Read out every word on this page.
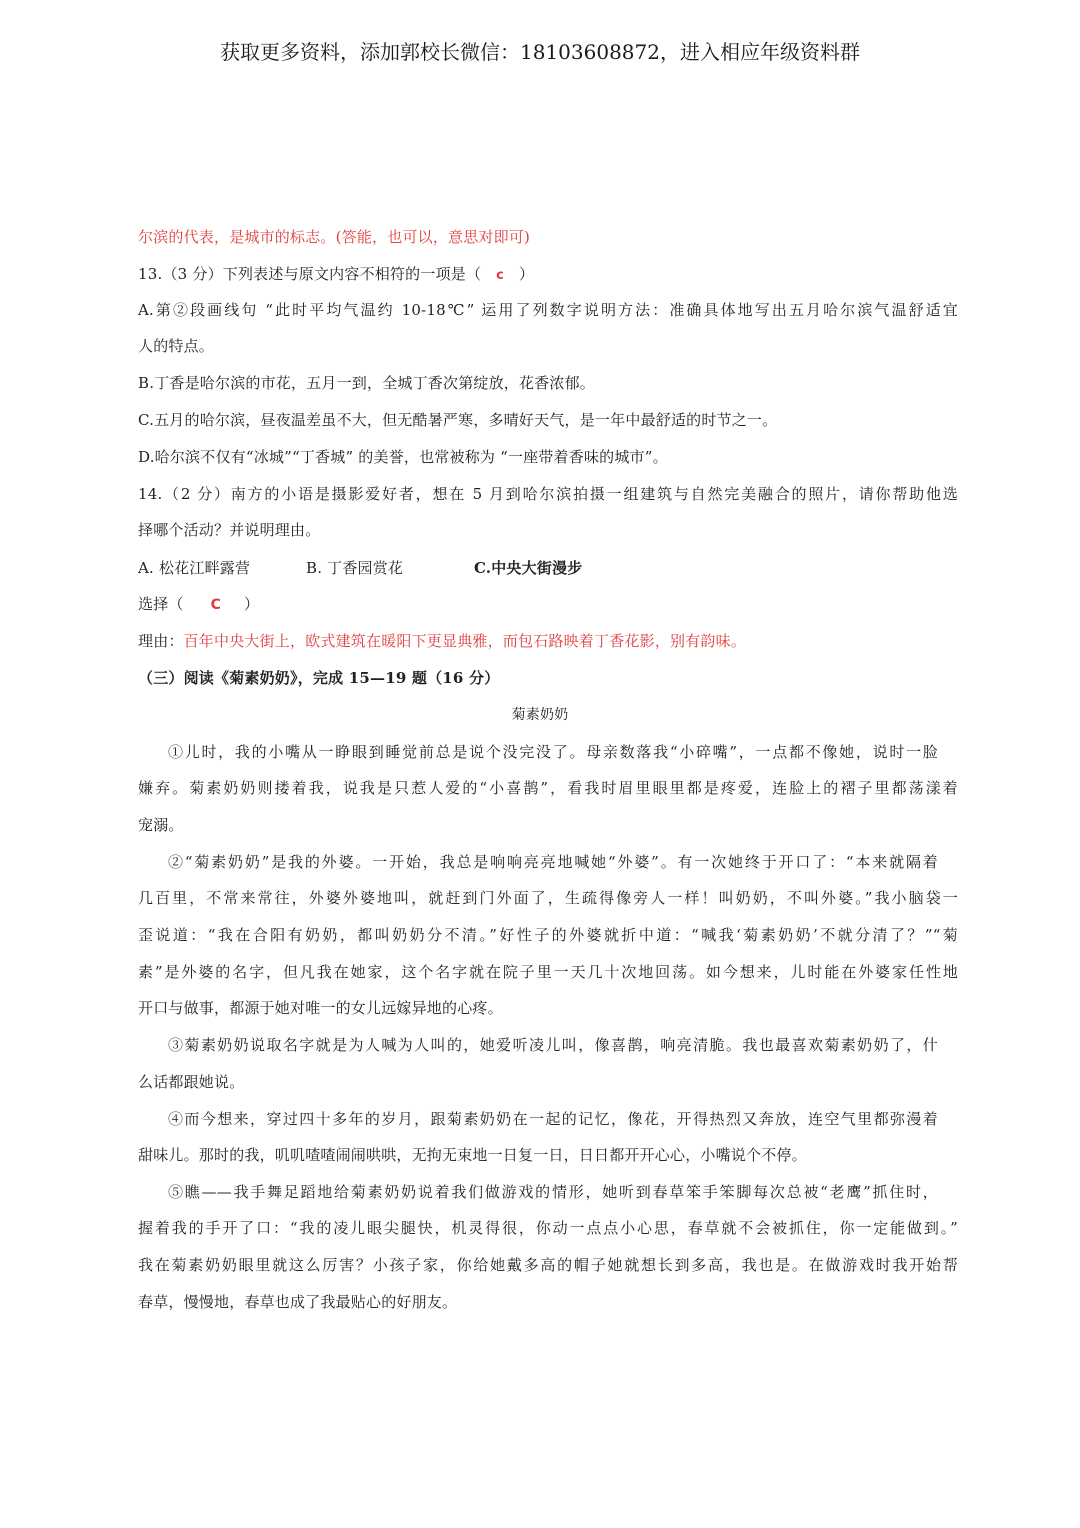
获取更多资料，添加郭校长微信：18103608872，进入相应年级资料群
尔滨的代表，是城市的标志。(答能，也可以，意思对即可)
13.（3 分）下列表述与原文内容不相符的一项是（ c ）
A.第②段画线句 “此时平均气温约 10-18℃” 运用了列数字说明方法：准确具体地写出五月哈尔滨气温舒适宜
人的特点。
B.丁香是哈尔滨的市花，五月一到，全城丁香次第绽放，花香浓郁。
C.五月的哈尔滨，昼夜温差虽不大，但无酷暑严寒，多晴好天气，是一年中最舒适的时节之一。
D.哈尔滨不仅有“冰城”“丁香城” 的美誉，也常被称为 “一座带着香味的城市”。
14.（2 分）南方的小语是摄影爱好者，想在 5 月到哈尔滨拍摄一组建筑与自然完美融合的照片，请你帮助他选
择哪个活动？并说明理由。
A. 松花江畔露营	B. 丁香园赏花	C.中央大街漫步
选择（ C ）
理由：百年中央大街上，欧式建筑在暖阳下更显典雅，而包石路映着丁香花影，别有韵味。
（三）阅读《菊素奶奶》，完成 15—19 题（16 分）
菊素奶奶
①儿时，我的小嘴从一睁眼到睡觉前总是说个没完没了。母亲数落我“小碎嘴”，一点都不像她，说时一脸
嫌弃。菊素奶奶则搂着我，说我是只惹人爱的“小喜鹊”，看我时眉里眼里都是疼爱，连脸上的褶子里都荡漾着
宠溺。
②“菊素奶奶”是我的外婆。一开始，我总是响响亮亮地喊她“外婆”。有一次她终于开口了：“本来就隔着
几百里，不常来常往，外婆外婆地叫，就赶到门外面了，生疏得像旁人一样！叫奶奶，不叫外婆。”我小脑袋一
歪说道：“我在合阳有奶奶，都叫奶奶分不清。”好性子的外婆就折中道：“喊我‘菊素奶奶’不就分清了？”“菊
素”是外婆的名字，但凡我在她家，这个名字就在院子里一天几十次地回荡。如今想来，儿时能在外婆家任性地
开口与做事，都源于她对唯一的女儿远嫁异地的心疼。
③菊素奶奶说取名字就是为人喊为人叫的，她爱听凌儿叫，像喜鹊，响亮清脆。我也最喜欢菊素奶奶了，什
么话都跟她说。
④而今想来，穿过四十多年的岁月，跟菊素奶奶在一起的记忆，像花，开得热烈又奔放，连空气里都弥漫着
甜味儿。那时的我，叽叽喳喳闹闹哄哄，无拘无束地一日复一日，日日都开开心心，小嘴说个不停。
⑤瞧——我手舞足蹈地给菊素奶奶说着我们做游戏的情形，她听到春草笨手笨脚每次总被“老鹰”抓住时，
握着我的手开了口：“我的凌儿眼尖腿快，机灵得很，你动一点点小心思，春草就不会被抓住，你一定能做到。”
我在菊素奶奶眼里就这么厉害？小孩子家，你给她戴多高的帽子她就想长到多高，我也是。在做游戏时我开始帮
春草，慢慢地，春草也成了我最贴心的好朋友。
